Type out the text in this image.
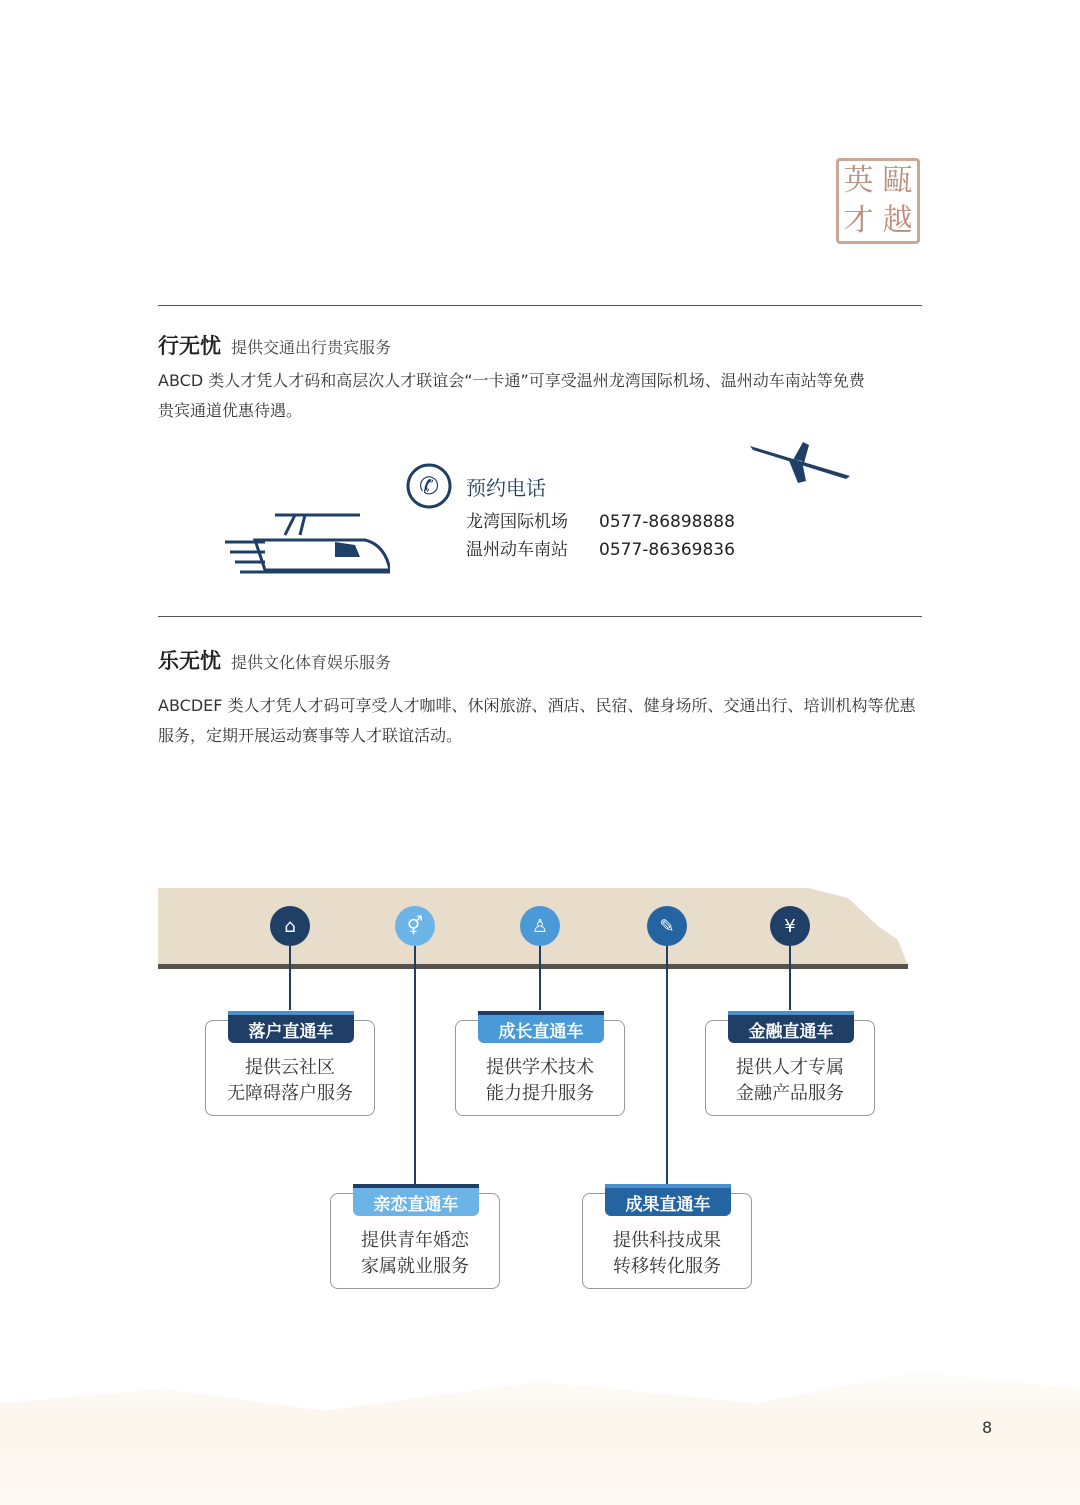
英 甌
才 越
行无忧 提供交通出行贵宾服务

ABCD 类人才凭人才码和高层次人才联谊会“一卡通”可享受温州龙湾国际机场、温州动车南站等免费贵宾通道优惠待遇。

✆ 预约电话
龙湾国际机场 0577-86898888
温州动车南站 0577-86369836
乐无忧 提供文化体育娱乐服务

ABCDEF 类人才凭人才码可享受人才咖啡、休闲旅游、酒店、民宿、健身场所、交通出行、培训机构等优惠服务，定期开展运动赛事等人才联谊活动。

⌂	⚥	♙	✎	¥
落户直通车
提供云社区
无障碍落户服务
成长直通车
提供学术技术
能力提升服务
金融直通车
提供人才专属
金融产品服务
亲恋直通车
提供青年婚恋
家属就业服务
成果直通车
提供科技成果
转移转化服务
8
